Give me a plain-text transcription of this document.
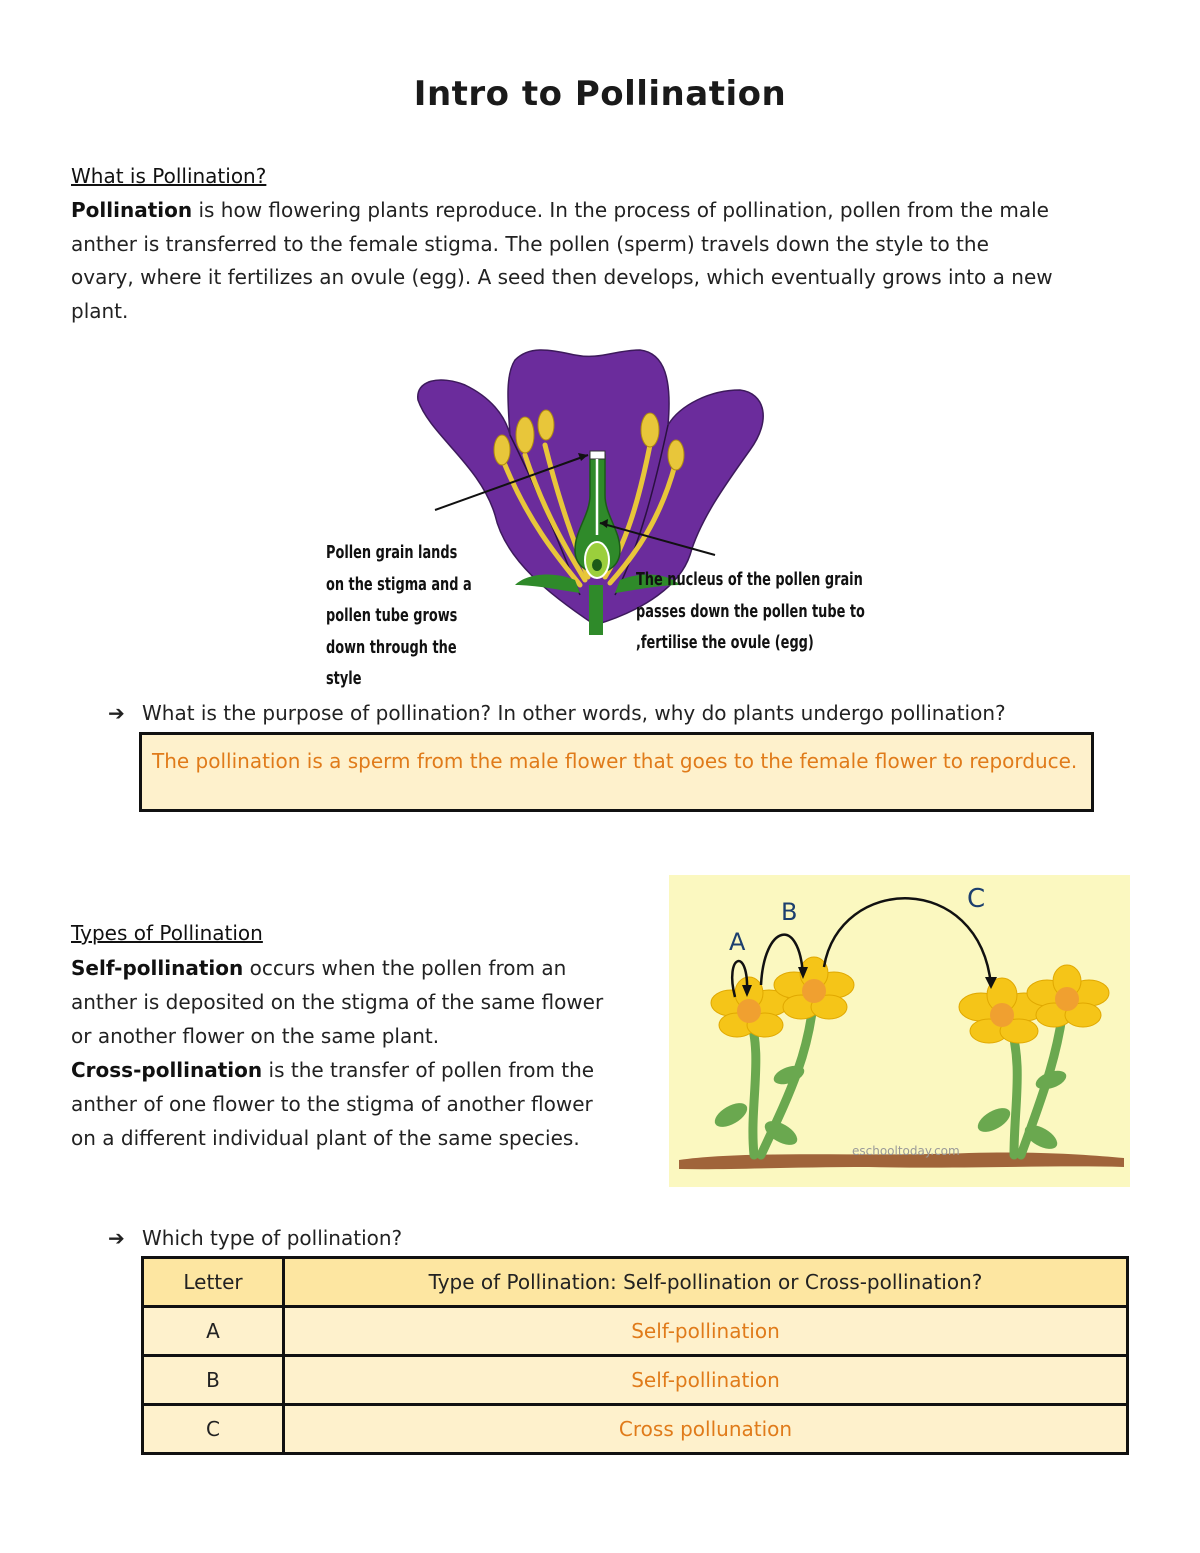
Intro to Pollination
What is Pollination?
Pollination is how flowering plants reproduce. In the process of pollination, pollen from the male
anther is transferred to the female stigma. The pollen (sperm) travels down the style to the
ovary, where it fertilizes an ovule (egg). A seed then develops, which eventually grows into a new
plant.
Pollen grain lands
on the stigma and a
pollen tube grows
down through the
style
The nucleus of the pollen grain
passes down the pollen tube to
,fertilise the ovule (egg)
➔ What is the purpose of pollination? In other words, why do plants undergo pollination?
The pollination is a sperm from the male flower that goes to the female flower to reporduce.
Types of Pollination
Self-pollination occurs when the pollen from an
anther is deposited on the stigma of the same flower
or another flower on the same plant.
Cross-pollination is the transfer of pollen from the
anther of one flower to the stigma of another flower
on a different individual plant of the same species.
A
B	C
eschooltoday.com
➔ Which type of pollination?
Letter	Type of Pollination: Self-pollination or Cross-pollination?
A	Self-pollination
B	Self-pollination
C	Cross pollunation
